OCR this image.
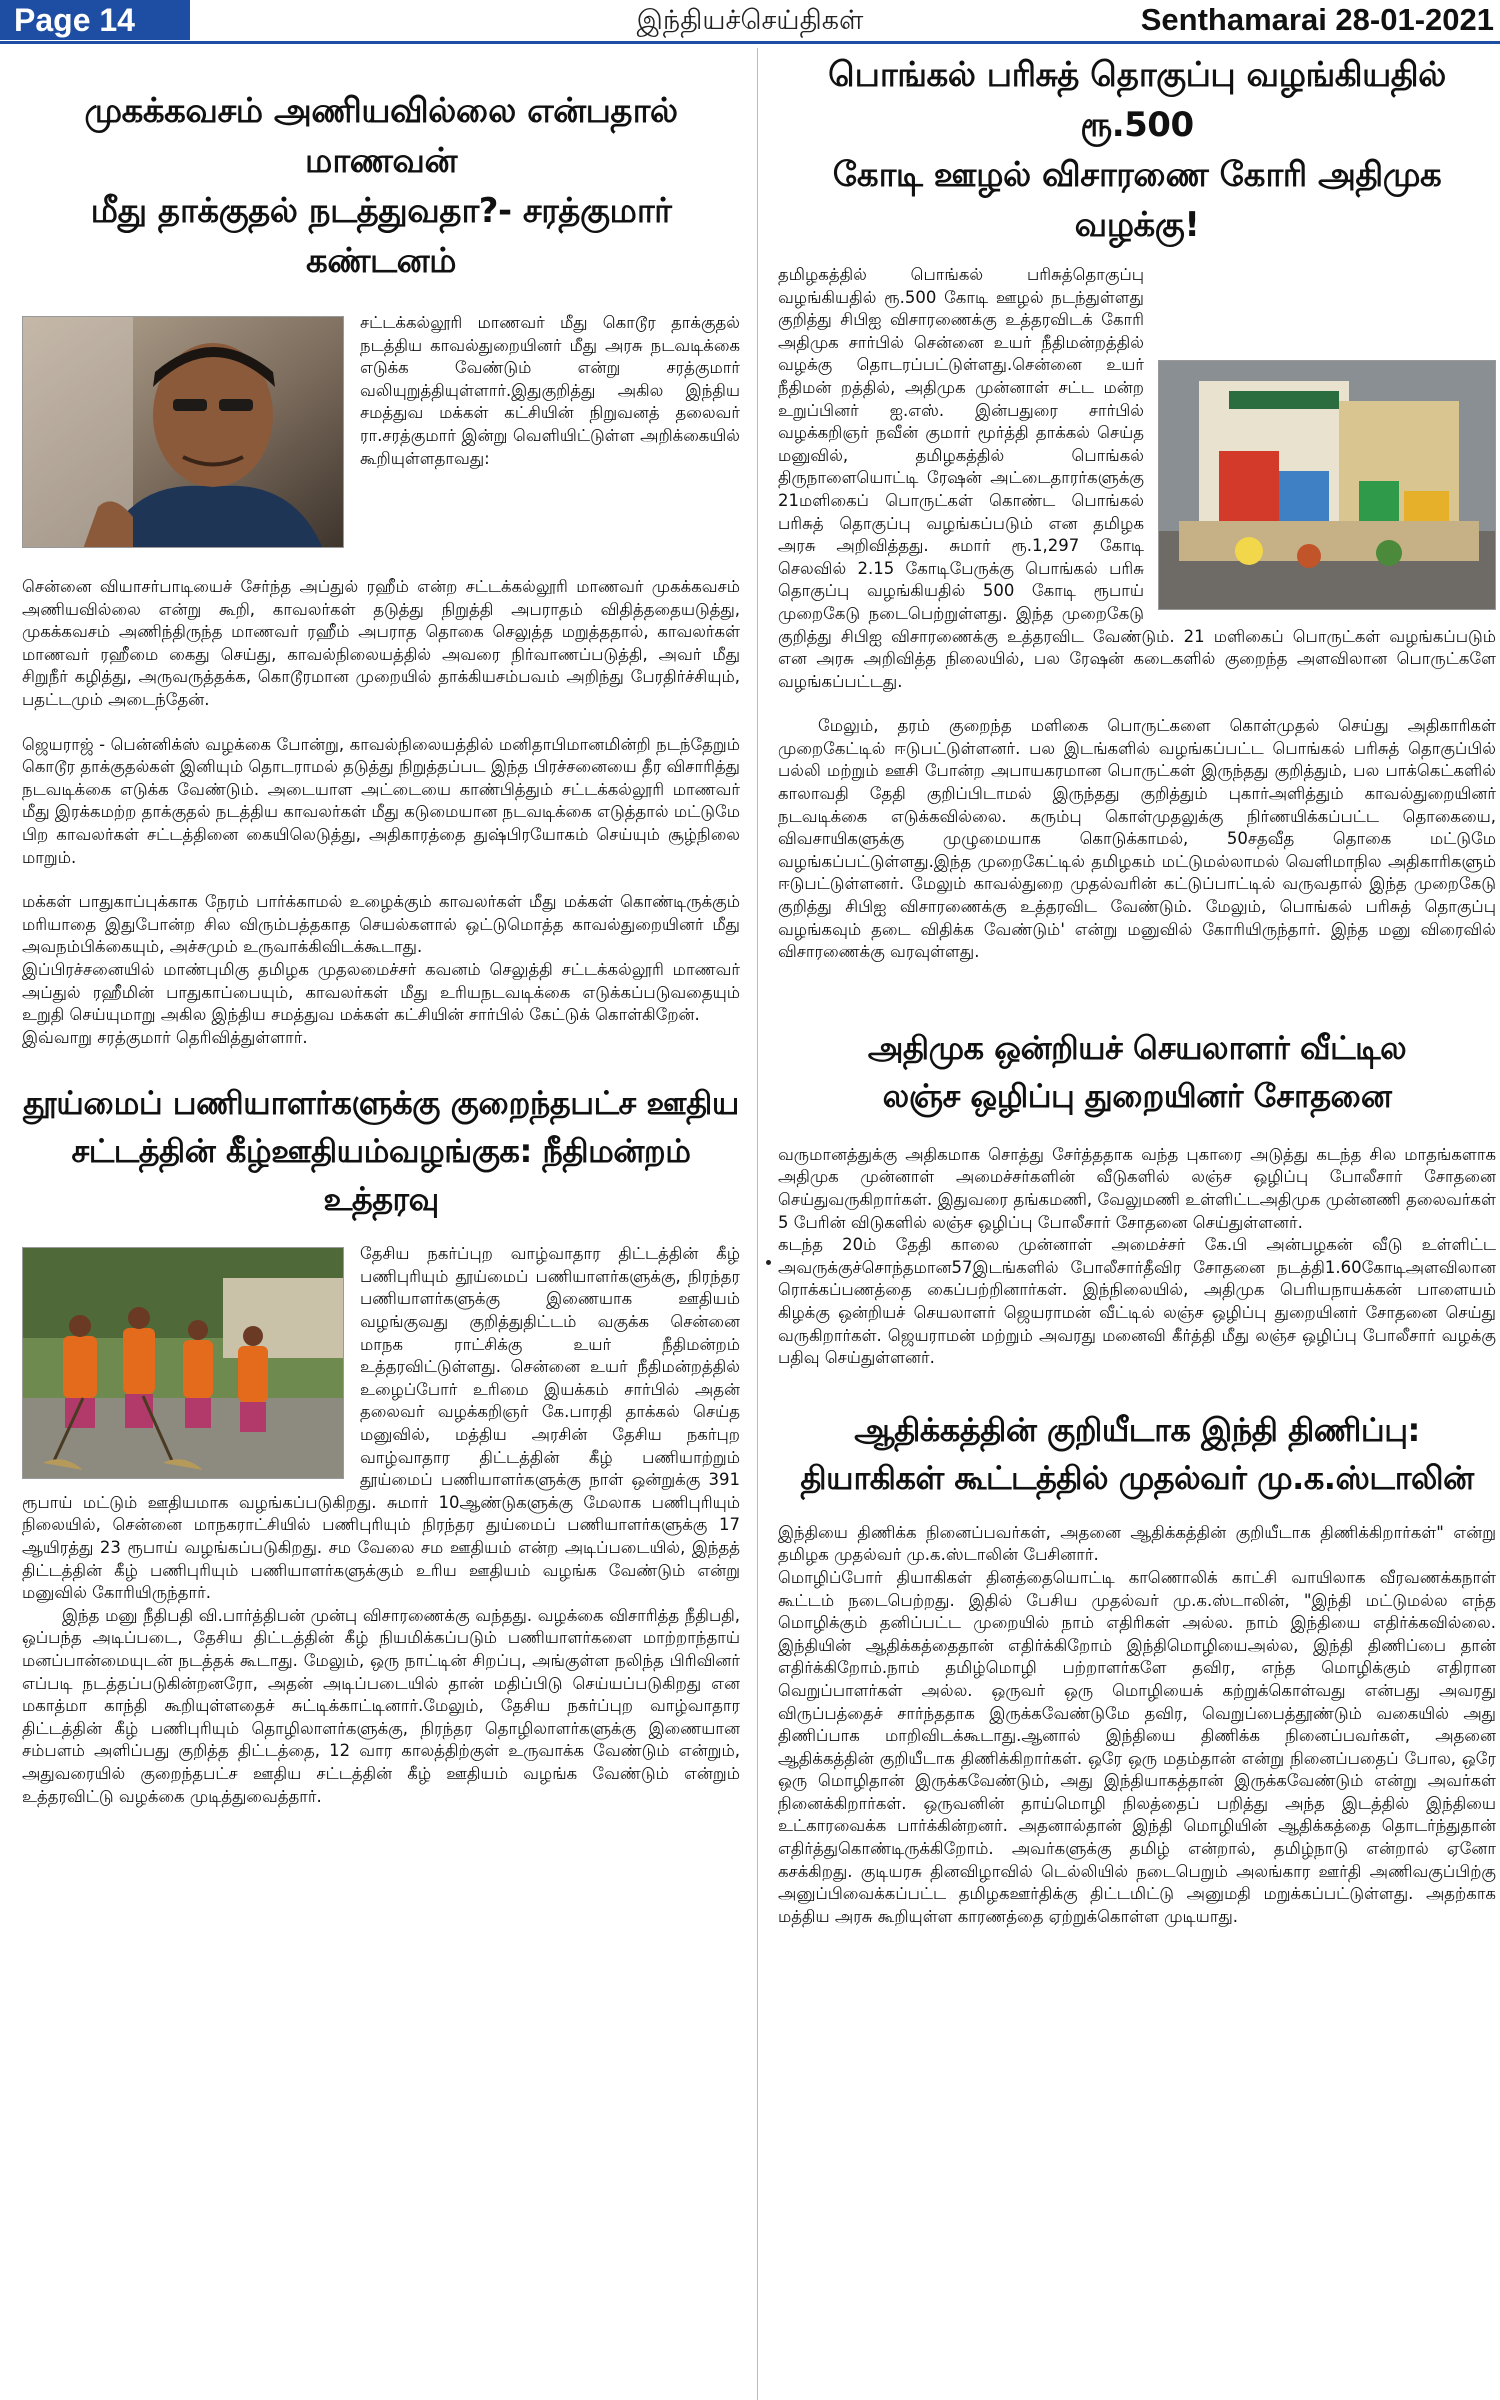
Page 14	இந்தியச்செய்திகள்	Senthamarai 28-01-2021
முகக்கவசம் அணியவில்லை என்பதால் மாணவன்
மீது தாக்குதல் நடத்துவதா?- சரத்குமார் கண்டனம்

சட்டக்கல்லூரி மாணவர் மீது கொடூர தாக்குதல் நடத்திய காவல்துறையினர் மீது அரசு நடவடிக்கை எடுக்க வேண்டும் என்று சரத்குமார் வலியுறுத்தியுள்ளார்.இதுகுறித்து அகில இந்திய சமத்துவ மக்கள் கட்சியின் நிறுவனத் தலைவர் ரா.சரத்குமார் இன்று வெளியிட்டுள்ள அறிக்கையில் கூறியுள்ளதாவது:

சென்னை வியாசர்பாடியைச் சேர்ந்த அப்துல் ரஹீம் என்ற சட்டக்கல்லூரி மாணவர் முகக்கவசம் அணியவில்லை என்று கூறி, காவலர்கள் தடுத்து நிறுத்தி அபராதம் விதித்ததையடுத்து, முகக்கவசம் அணிந்திருந்த மாணவர் ரஹீம் அபராத தொகை செலுத்த மறுத்ததால், காவலர்கள் மாணவர் ரஹீமை கைது செய்து, காவல்நிலையத்தில் அவரை நிர்வாணப்படுத்தி, அவர் மீது சிறுநீர் கழித்து, அருவருத்தக்க, கொடூரமான முறையில் தாக்கியசம்பவம் அறிந்து பேரதிர்ச்சியும், பதட்டமும் அடைந்தேன்.

ஜெயராஜ் - பென்னிக்ஸ் வழக்கை போன்று, காவல்நிலையத்தில் மனிதாபிமானமின்றி நடந்தேறும் கொடூர தாக்குதல்கள் இனியும் தொடராமல் தடுத்து நிறுத்தப்பட இந்த பிரச்சனையை தீர விசாரித்து நடவடிக்கை எடுக்க வேண்டும். அடையாள அட்டையை காண்பித்தும் சட்டக்கல்லூரி மாணவர் மீது இரக்கமற்ற தாக்குதல் நடத்திய காவலர்கள் மீது கடுமையான நடவடிக்கை எடுத்தால் மட்டுமே பிற காவலர்கள் சட்டத்தினை கையிலெடுத்து, அதிகாரத்தை துஷ்பிரயோகம் செய்யும் சூழ்நிலை மாறும்.

மக்கள் பாதுகாப்புக்காக நேரம் பார்க்காமல் உழைக்கும் காவலர்கள் மீது மக்கள் கொண்டிருக்கும் மரியாதை இதுபோன்ற சில விரும்பத்தகாத செயல்களால் ஒட்டுமொத்த காவல்துறையினர் மீது அவநம்பிக்கையும், அச்சமும் உருவாக்கிவிடக்கூடாது.

இப்பிரச்சனையில் மாண்புமிகு தமிழக முதலமைச்சர் கவனம் செலுத்தி சட்டக்கல்லூரி மாணவர் அப்துல் ரஹீமின் பாதுகாப்பையும், காவலர்கள் மீது உரியநடவடிக்கை எடுக்கப்படுவதையும் உறுதி செய்யுமாறு அகில இந்திய சமத்துவ மக்கள் கட்சியின் சார்பில் கேட்டுக் கொள்கிறேன்.

இவ்வாறு சரத்குமார் தெரிவித்துள்ளார்.

தூய்மைப் பணியாளர்களுக்கு குறைந்தபட்ச ஊதிய
சட்டத்தின் கீழ்ஊதியம்வழங்குக: நீதிமன்றம் உத்தரவு

தேசிய நகர்ப்புற வாழ்வாதார திட்டத்தின் கீழ் பணிபுரியும் தூய்மைப் பணியாளர்களுக்கு, நிரந்தர பணியாளர்களுக்கு இணையாக ஊதியம் வழங்குவது குறித்துதிட்டம் வகுக்க சென்னை மாநக ராட்சிக்கு உயர் நீதிமன்றம் உத்தரவிட்டுள்ளது. சென்னை உயர் நீதிமன்றத்தில் உழைப்போர் உரிமை இயக்கம் சார்பில் அதன் தலைவர் வழக்கறிஞர் கே.பாரதி தாக்கல் செய்த மனுவில், மத்திய அரசின் தேசிய நகர்புற வாழ்வாதார திட்டத்தின் கீழ் பணியாற்றும் தூய்மைப் பணியாளர்களுக்கு நாள் ஒன்றுக்கு 391 ரூபாய் மட்டும் ஊதியமாக வழங்கப்படுகிறது. சுமார் 10ஆண்டுகளுக்கு மேலாக பணிபுரியும் நிலையில், சென்னை மாநகராட்சியில் பணிபுரியும் நிரந்தர துய்மைப் பணியாளர்களுக்கு 17 ஆயிரத்து 23 ரூபாய் வழங்கப்படுகிறது. சம வேலை சம ஊதியம் என்ற அடிப்படையில், இந்தத் திட்டத்தின் கீழ் பணிபுரியும் பணியாளர்களுக்கும் உரிய ஊதியம் வழங்க வேண்டும் என்று மனுவில் கோரியிருந்தார்.

இந்த மனு நீதிபதி வி.பார்த்திபன் முன்பு விசாரணைக்கு வந்தது. வழக்கை விசாரித்த நீதிபதி, ஒப்பந்த அடிப்படை, தேசிய திட்டத்தின் கீழ் நியமிக்கப்படும் பணியாளர்களை மாற்றாந்தாய் மனப்பான்மையுடன் நடத்தக் கூடாது. மேலும், ஒரு நாட்டின் சிறப்பு, அங்குள்ள நலிந்த பிரிவினர் எப்படி நடத்தப்படுகின்றனரோ, அதன் அடிப்படையில் தான் மதிப்பிடு செய்யப்படுகிறது என மகாத்மா காந்தி கூறியுள்ளதைச் சுட்டிக்காட்டினார்.மேலும், தேசிய நகர்ப்புற வாழ்வாதார திட்டத்தின் கீழ் பணிபுரியும் தொழிலாளர்களுக்கு, நிரந்தர தொழிலாளர்களுக்கு இணையான சம்பளம் அளிப்பது குறித்த திட்டத்தை, 12 வார காலத்திற்குள் உருவாக்க வேண்டும் என்றும், அதுவரையில் குறைந்தபட்ச ஊதிய சட்டத்தின் கீழ் ஊதியம் வழங்க வேண்டும் என்றும் உத்தரவிட்டு வழக்கை முடித்துவைத்தார்.

பொங்கல் பரிசுத் தொகுப்பு வழங்கியதில் ரூ.500
கோடி ஊழல் விசாரணை கோரி அதிமுக வழக்கு!

தமிழகத்தில் பொங்கல் பரிசுத்தொகுப்பு வழங்கியதில் ரூ.500 கோடி ஊழல் நடந்துள்ளது குறித்து சிபிஐ விசாரணைக்கு உத்தரவிடக் கோரி அதிமுக சார்பில் சென்னை உயர் நீதிமன்றத்தில் வழக்கு தொடரப்பட்டுள்ளது.சென்னை உயர் நீதிமன் றத்தில், அதிமுக முன்னாள் சட்ட மன்ற உறுப்பினர் ஐ.எஸ். இன்பதுரை சார்பில் வழக்கறிஞர் நவீன் குமார் மூர்த்தி தாக்கல் செய்த மனுவில், தமிழகத்தில் பொங்கல் திருநாளையொட்டி ரேஷன் அட்டைதாரர்களுக்கு 21மளிகைப் பொருட்கள் கொண்ட பொங்கல் பரிசுத் தொகுப்பு வழங்கப்படும் என தமிழக அரசு அறிவித்தது. சுமார் ரூ.1,297 கோடி செலவில் 2.15 கோடிபேருக்கு பொங்கல் பரிசு தொகுப்பு வழங்கியதில் 500 கோடி ரூபாய் முறைகேடு நடைபெற்றுள்ளது. இந்த முறைகேடு குறித்து சிபிஐ விசாரணைக்கு உத்தரவிட வேண்டும். 21 மளிகைப் பொருட்கள் வழங்கப்படும் என அரசு அறிவித்த நிலையில், பல ரேஷன் கடைகளில் குறைந்த அளவிலான பொருட்களே வழங்கப்பட்டது.

மேலும், தரம் குறைந்த மளிகை பொருட்களை கொள்முதல் செய்து அதிகாரிகள் முறைகேட்டில் ஈடுபட்டுள்ளனர். பல இடங்களில் வழங்கப்பட்ட பொங்கல் பரிசுத் தொகுப்பில் பல்லி மற்றும் ஊசி போன்ற அபாயகரமான பொருட்கள் இருந்தது குறித்தும், பல பாக்கெட்களில் காலாவதி தேதி குறிப்பிடாமல் இருந்தது குறித்தும் புகார்அளித்தும் காவல்துறையினர் நடவடிக்கை எடுக்கவில்லை. கரும்பு கொள்முதலுக்கு நிர்ணயிக்கப்பட்ட தொகையை, விவசாயிகளுக்கு முழுமையாக கொடுக்காமல், 50சதவீத தொகை மட்டுமே வழங்கப்பட்டுள்ளது.இந்த முறைகேட்டில் தமிழகம் மட்டுமல்லாமல் வெளிமாநில அதிகாரிகளும் ஈடுபட்டுள்ளனர். மேலும் காவல்துறை முதல்வரின் கட்டுப்பாட்டில் வருவதால் இந்த முறைகேடு குறித்து சிபிஐ விசாரணைக்கு உத்தரவிட வேண்டும். மேலும், பொங்கல் பரிசுத் தொகுப்பு வழங்கவும் தடை விதிக்க வேண்டும்' என்று மனுவில் கோரியிருந்தார். இந்த மனு விரைவில் விசாரணைக்கு வரவுள்ளது.

அதிமுக ஒன்றியச் செயலாளர் வீட்டில
லஞ்ச ஒழிப்பு துறையினர் சோதனை

வருமானத்துக்கு அதிகமாக சொத்து சேர்த்ததாக வந்த புகாரை அடுத்து கடந்த சில மாதங்களாக அதிமுக முன்னாள் அமைச்சர்களின் வீடுகளில் லஞ்ச ஒழிப்பு போலீசார் சோதனை செய்துவருகிறார்கள். இதுவரை தங்கமணி, வேலுமணி உள்ளிட்டஅதிமுக முன்னணி தலைவர்கள் 5 பேரின் விடுகளில் லஞ்ச ஒழிப்பு போலீசார் சோதனை செய்துள்ளனர்.

கடந்த 20ம் தேதி காலை முன்னாள் அமைச்சர் கே.பி அன்பழகன் வீடு உள்ளிட்ட அவருக்குச்சொந்தமான57இடங்களில் போலீசார்தீவிர சோதனை நடத்தி1.60கோடிஅளவிலான ரொக்கப்பணத்தை கைப்பற்றினார்கள். இந்நிலையில், அதிமுக பெரியநாயக்கன் பாளையம் கிழக்கு ஒன்றியச் செயலாளர் ஜெயராமன் வீட்டில் லஞ்ச ஒழிப்பு துறையினர் சோதனை செய்து வருகிறார்கள். ஜெயராமன் மற்றும் அவரது மனைவி கீர்த்தி மீது லஞ்ச ஒழிப்பு போலீசார் வழக்கு பதிவு செய்துள்ளனர்.

ஆதிக்கத்தின் குறியீடாக இந்தி திணிப்பு:
தியாகிகள் கூட்டத்தில் முதல்வர் மு.க.ஸ்டாலின்

இந்தியை திணிக்க நினைப்பவர்கள், அதனை ஆதிக்கத்தின் குறியீடாக திணிக்கிறார்கள்" என்று தமிழக முதல்வர் மு.க.ஸ்டாலின் பேசினார்.

மொழிப்போர் தியாகிகள் தினத்தையொட்டி காணொலிக் காட்சி வாயிலாக வீரவணக்கநாள் கூட்டம் நடைபெற்றது. இதில் பேசிய முதல்வர் மு.க.ஸ்டாலின், "இந்தி மட்டுமல்ல எந்த மொழிக்கும் தனிப்பட்ட முறையில் நாம் எதிரிகள் அல்ல. நாம் இந்தியை எதிர்க்கவில்லை. இந்தியின் ஆதிக்கத்தைதான் எதிர்க்கிறோம் இந்திமொழியைஅல்ல, இந்தி திணிப்பை தான் எதிர்க்கிறோம்.நாம் தமிழ்மொழி பற்றாளர்களே தவிர, எந்த மொழிக்கும் எதிரான வெறுப்பாளர்கள் அல்ல. ஒருவர் ஒரு மொழியைக் கற்றுக்கொள்வது என்பது அவரது விருப்பத்தைச் சார்ந்ததாக இருக்கவேண்டுமே தவிர, வெறுப்பைத்தூண்டும் வகையில் அது திணிப்பாக மாறிவிடக்கூடாது.ஆனால் இந்தியை திணிக்க நினைப்பவர்கள், அதனை ஆதிக்கத்தின் குறியீடாக திணிக்கிறார்கள். ஒரே ஒரு மதம்தான் என்று நினைப்பதைப் போல, ஒரே ஒரு மொழிதான் இருக்கவேண்டும், அது இந்தியாகத்தான் இருக்கவேண்டும் என்று அவர்கள் நினைக்கிறார்கள். ஒருவனின் தாய்மொழி நிலத்தைப் பறித்து அந்த இடத்தில் இந்தியை உட்காரவைக்க பார்க்கின்றனர். அதனால்தான் இந்தி மொழியின் ஆதிக்கத்தை தொடர்ந்துதான் எதிர்த்துகொண்டிருக்கிறோம். அவர்களுக்கு தமிழ் என்றால், தமிழ்நாடு என்றால் ஏனோ கசக்கிறது. குடியரசு தினவிழாவில் டெல்லியில் நடைபெறும் அலங்கார ஊர்தி அணிவகுப்பிற்கு அனுப்பிவைக்கப்பட்ட தமிழகஊர்திக்கு திட்டமிட்டு அனுமதி மறுக்கப்பட்டுள்ளது. அதற்காக மத்திய அரசு கூறியுள்ள காரணத்தை ஏற்றுக்கொள்ள முடியாது.
